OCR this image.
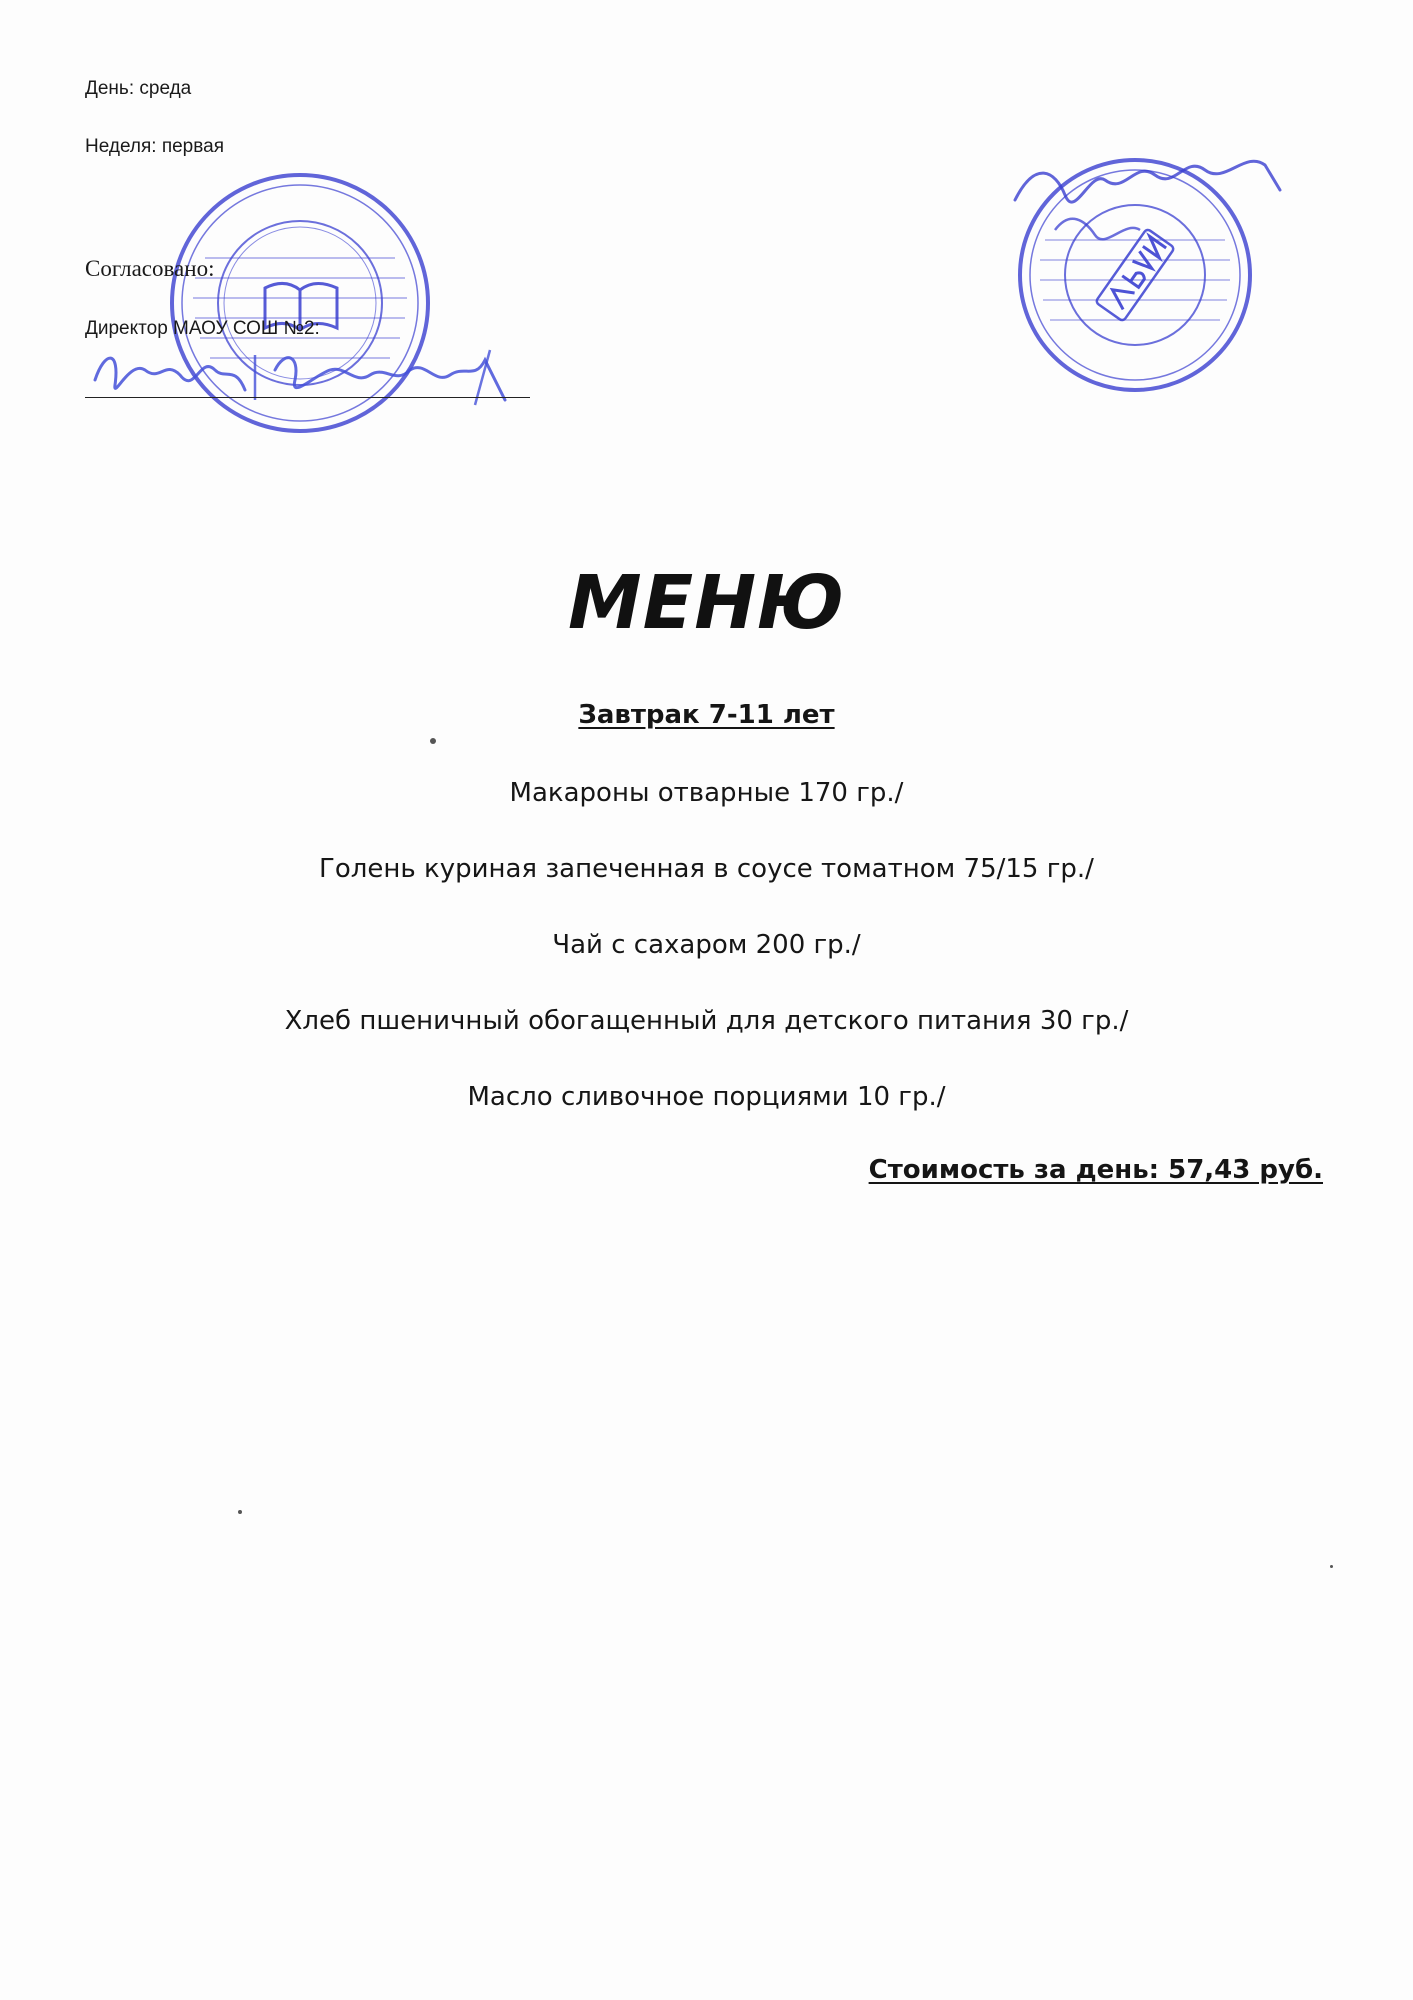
День: среда
Неделя: первая
Согласовано:
Директор МАОУ СОШ №2:
МЕНЮ
Завтрак 7-11 лет
Макароны отварные 170 гр./
Голень куриная запеченная в соусе томатном 75/15 гр./
Чай с сахаром 200 гр./
Хлеб пшеничный обогащенный для детского питания 30 гр./
Масло сливочное порциями 10 гр./
Стоимость за день: 57,43 руб.
